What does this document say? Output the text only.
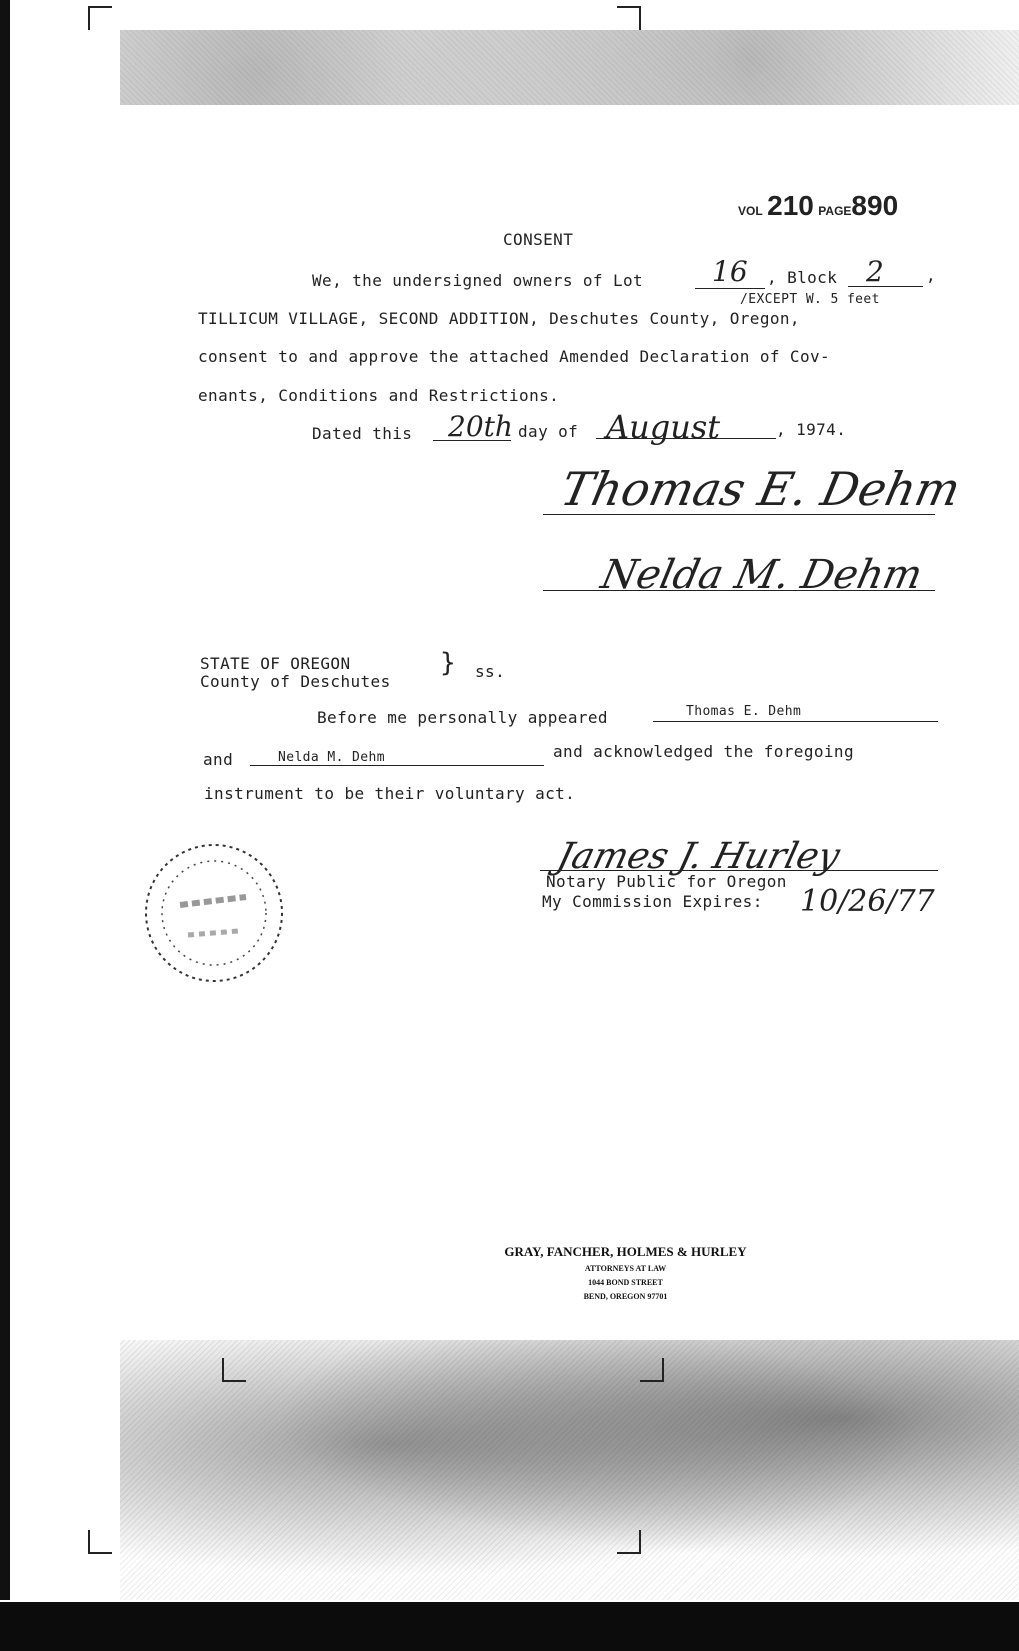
VOL 210 PAGE890
CONSENT
We, the undersigned owners of Lot 16 , Block 2	,
/EXCEPT W. 5 feet
TILLICUM VILLAGE, SECOND ADDITION, Deschutes County, Oregon,
consent to and approve the attached Amended Declaration of Cov-
enants, Conditions and Restrictions.
Dated this 20th day of August	, 1974.
Thomas E. Dehm
Nelda M. Dehm
STATE OF OREGON
County of Deschutes
} ss.
Before me personally appeared	Thomas E. Dehm
and	Nelda M. Dehm	and acknowledged the foregoing
instrument to be their voluntary act.
James J. Hurley
Notary Public for Oregon
My Commission Expires: 10/26/77
GRAY, FANCHER, HOLMES & HURLEY
ATTORNEYS AT LAW
1044 BOND STREET
BEND, OREGON 97701
